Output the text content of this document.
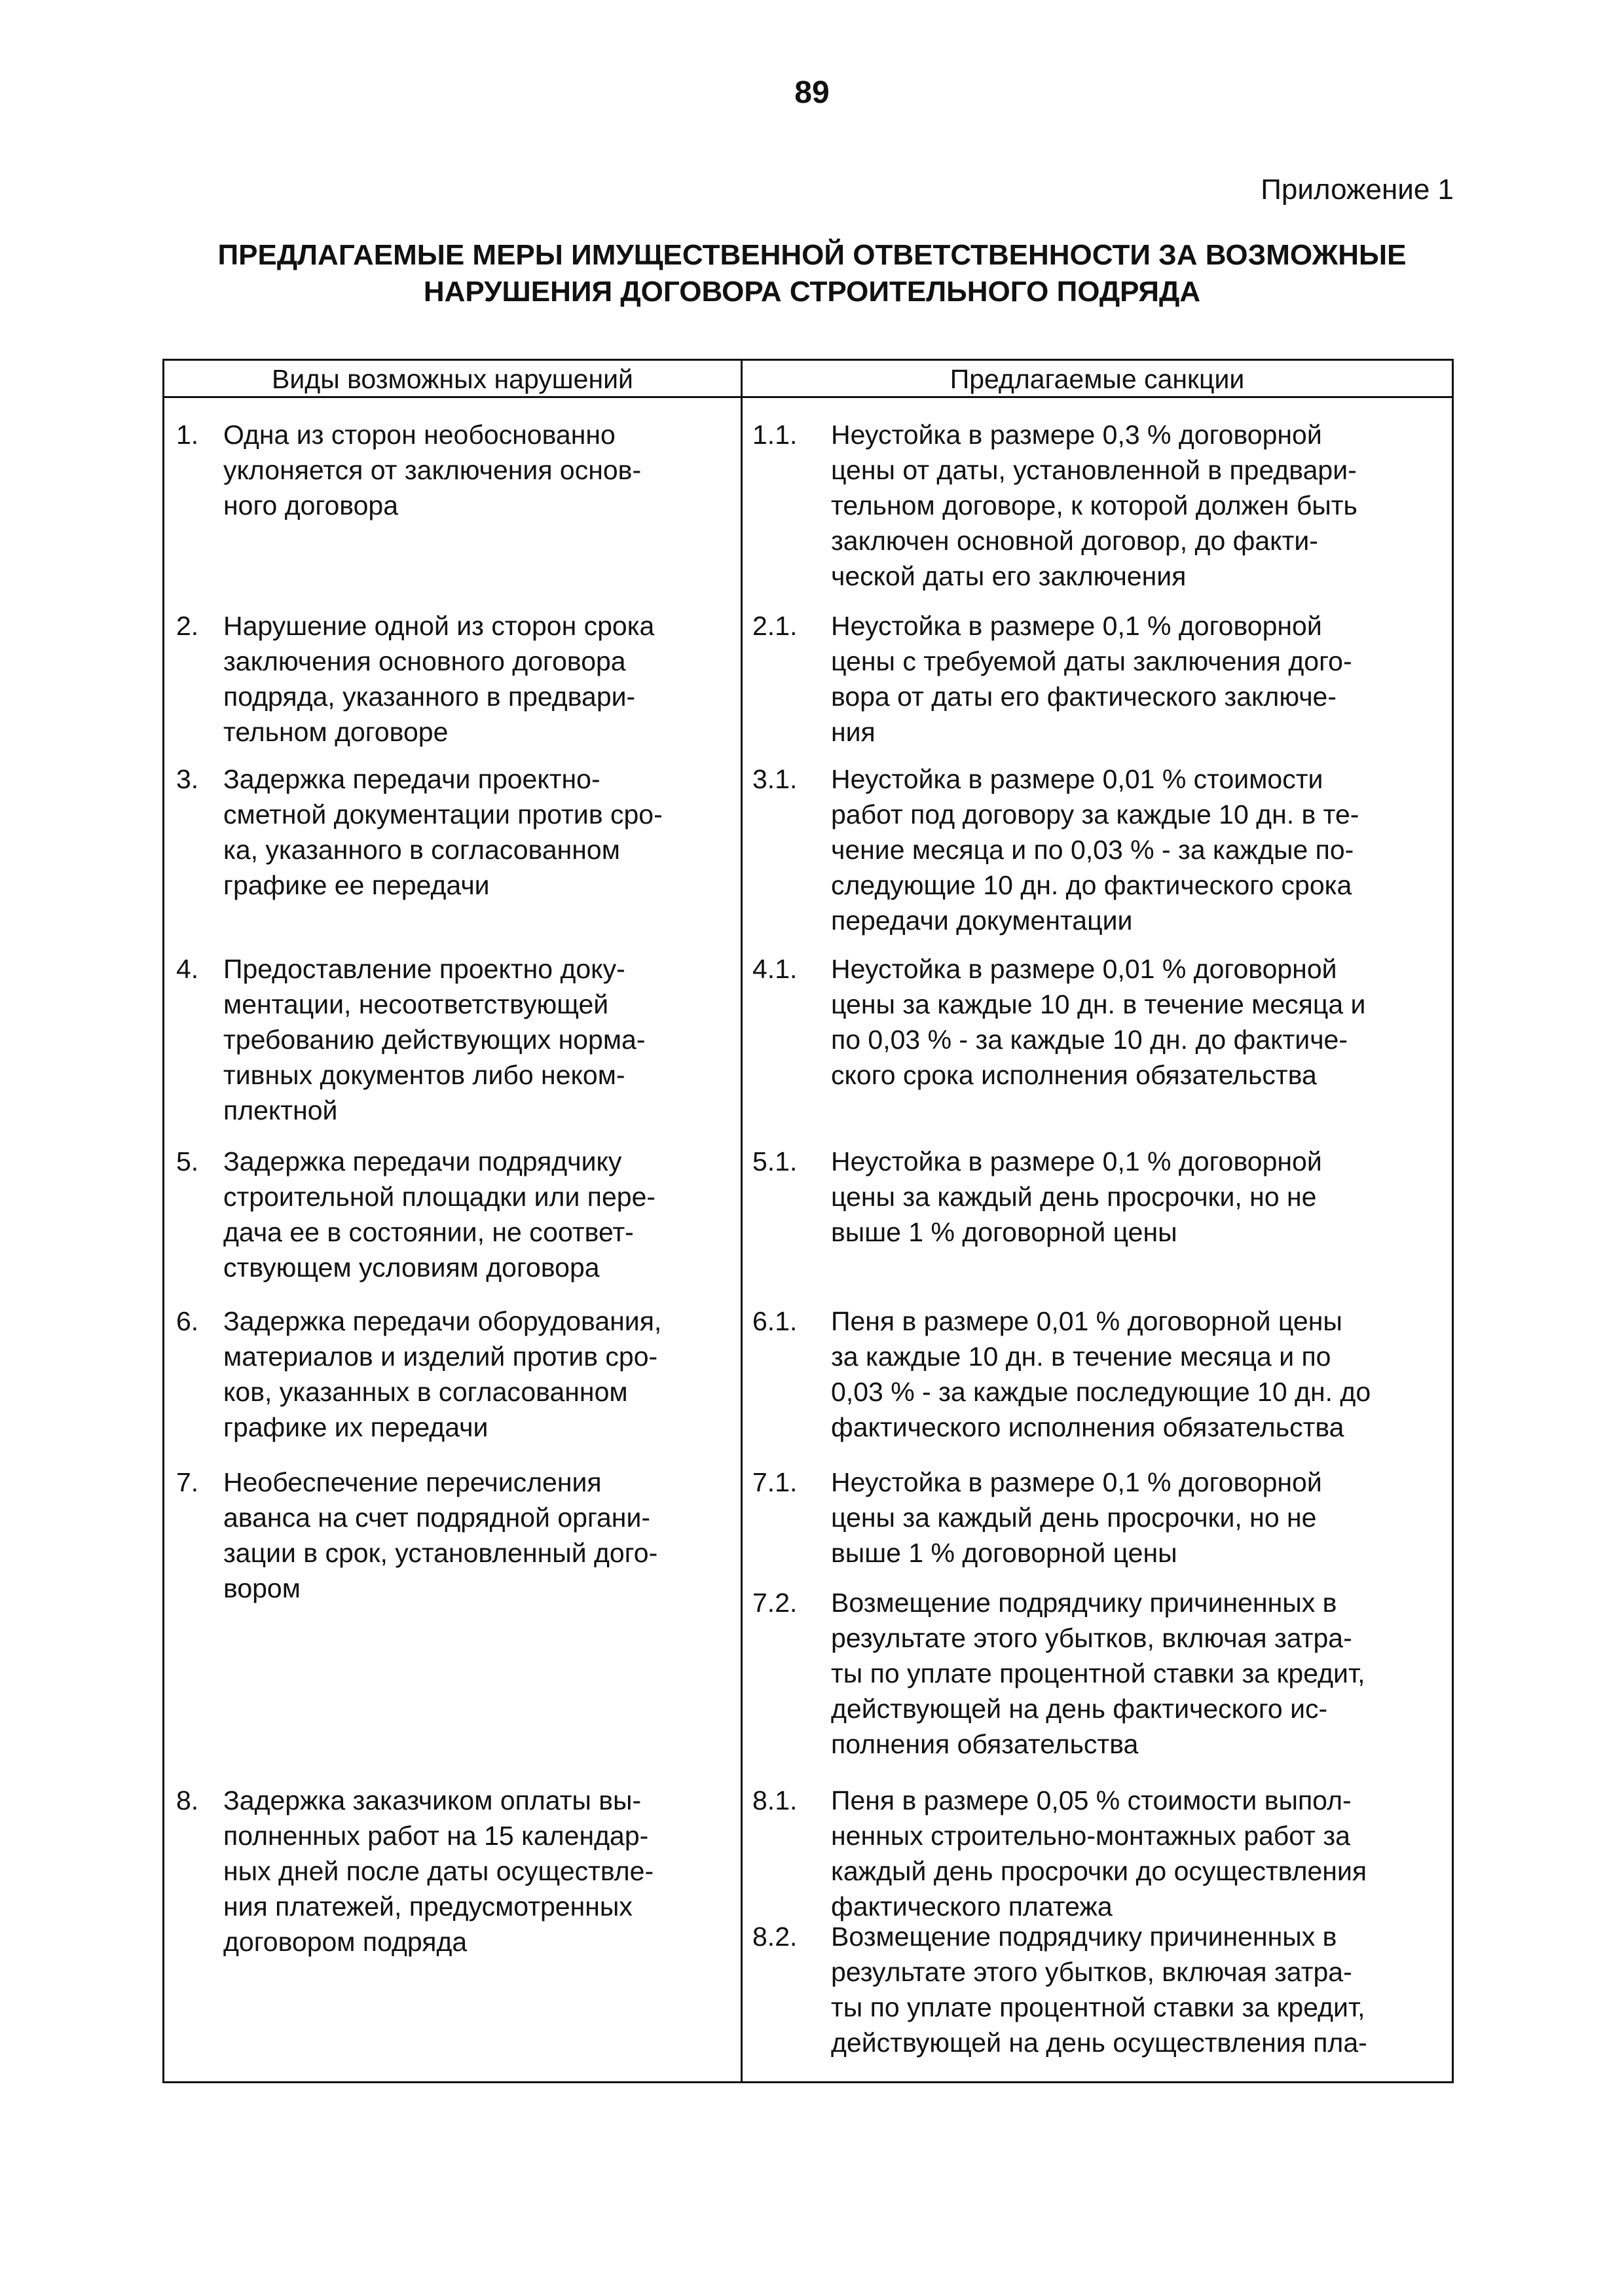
89
Приложение 1
ПРЕДЛАГАЕМЫЕ МЕРЫ ИМУЩЕСТВЕННОЙ ОТВЕТСТВЕННОСТИ ЗА ВОЗМОЖНЫЕ
НАРУШЕНИЯ ДОГОВОРА СТРОИТЕЛЬНОГО ПОДРЯДА
Виды возможных нарушений	Предлагаемые санкции
1. Одна из сторон необоснованно
уклоняется от заключения основ-
ного договора
2. Нарушение одной из сторон срока
заключения основного договора
подряда, указанного в предвари-
тельном договоре
3. Задержка передачи проектно-
сметной документации против сро-
ка, указанного в согласованном
графике ее передачи
4. Предоставление проектно доку-
ментации, несоответствующей
требованию действующих норма-
тивных документов либо неком-
плектной
5. Задержка передачи подрядчику
строительной площадки или пере-
дача ее в состоянии, не соответ-
ствующем условиям договора
6. Задержка передачи оборудования,
материалов и изделий против сро-
ков, указанных в согласованном
графике их передачи
7. Необеспечение перечисления
аванса на счет подрядной органи-
зации в срок, установленный дого-
вором
8. Задержка заказчиком оплаты вы-
полненных работ на 15 календар-
ных дней после даты осуществле-
ния платежей, предусмотренных
договором подряда
1.1. Неустойка в размере 0,3 % договорной
цены от даты, установленной в предвари-
тельном договоре, к которой должен быть
заключен основной договор, до факти-
ческой даты его заключения
2.1. Неустойка в размере 0,1 % договорной
цены с требуемой даты заключения дого-
вора от даты его фактического заключе-
ния
3.1. Неустойка в размере 0,01 % стоимости
работ под договору за каждые 10 дн. в те-
чение месяца и по 0,03 % - за каждые по-
следующие 10 дн. до фактического срока
передачи документации
4.1. Неустойка в размере 0,01 % договорной
цены за каждые 10 дн. в течение месяца и
по 0,03 % - за каждые 10 дн. до фактиче-
ского срока исполнения обязательства
5.1. Неустойка в размере 0,1 % договорной
цены за каждый день просрочки, но не
выше 1 % договорной цены
6.1. Пеня в размере 0,01 % договорной цены
за каждые 10 дн. в течение месяца и по
0,03 % - за каждые последующие 10 дн. до
фактического исполнения обязательства
7.1. Неустойка в размере 0,1 % договорной
цены за каждый день просрочки, но не
выше 1 % договорной цены
7.2. Возмещение подрядчику причиненных в
результате этого убытков, включая затра-
ты по уплате процентной ставки за кредит,
действующей на день фактического ис-
полнения обязательства
8.1. Пеня в размере 0,05 % стоимости выпол-
ненных строительно-монтажных работ за
каждый день просрочки до осуществления
фактического платежа
8.2. Возмещение подрядчику причиненных в
результате этого убытков, включая затра-
ты по уплате процентной ставки за кредит,
действующей на день осуществления пла-
